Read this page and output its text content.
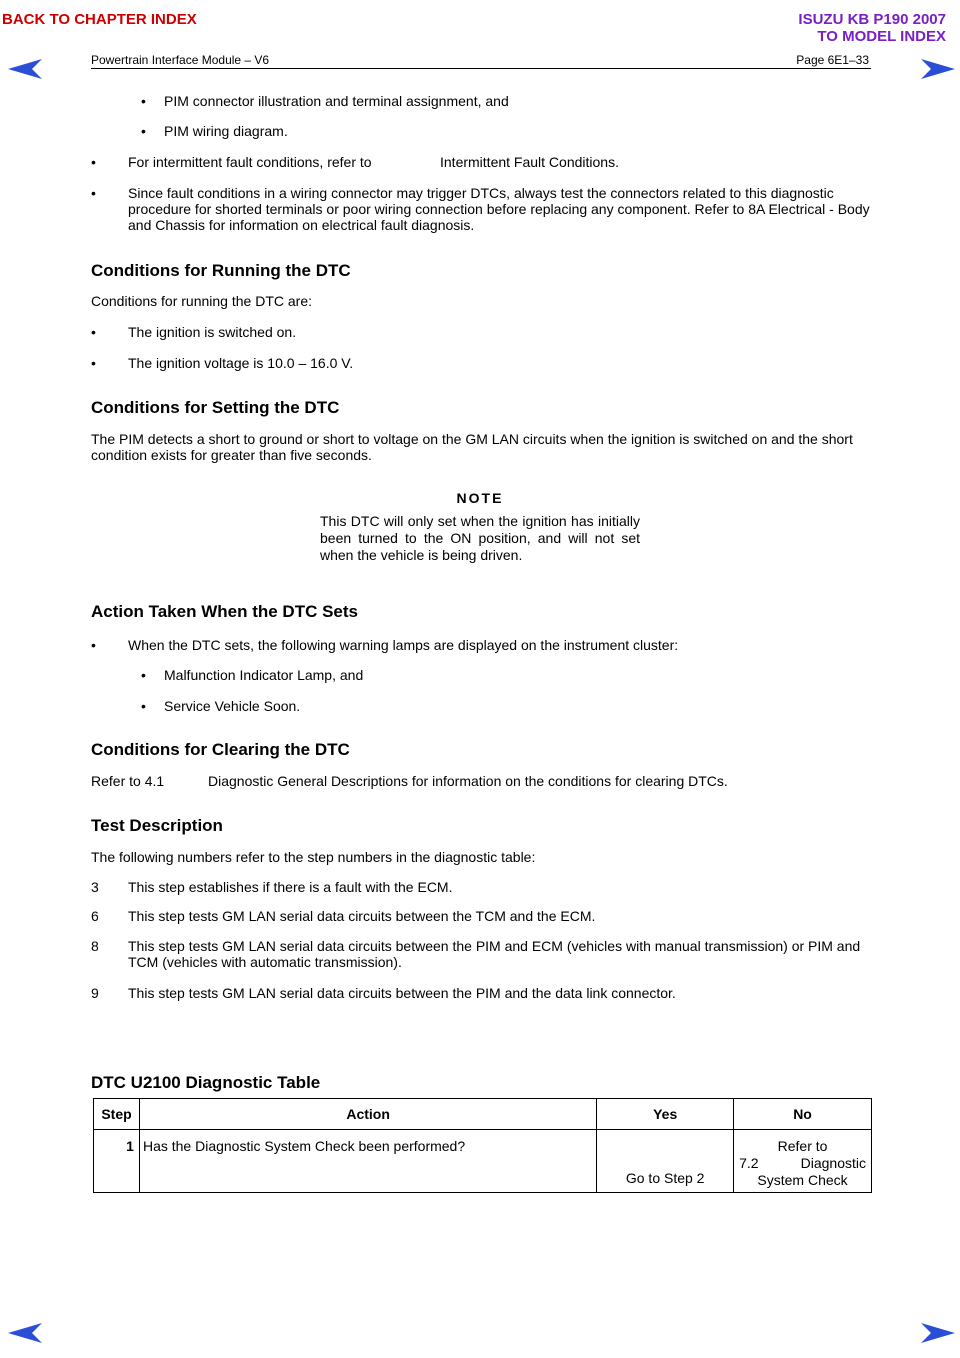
BACK TO CHAPTER INDEX	ISUZU KB P190 2007
TO MODEL INDEX
Powertrain Interface Module – V6	Page 6E1–33
• PIM connector illustration and terminal assignment, and
• PIM wiring diagram.
• For intermittent fault conditions, refer to	Intermittent Fault Conditions.
• Since fault conditions in a wiring connector may trigger DTCs, always test the connectors related to this diagnostic procedure for shorted terminals or poor wiring connection before replacing any component. Refer to 8A Electrical - Body and Chassis for information on electrical fault diagnosis.
Conditions for Running the DTC
Conditions for running the DTC are:
• The ignition is switched on.
• The ignition voltage is 10.0 – 16.0 V.
Conditions for Setting the DTC
The PIM detects a short to ground or short to voltage on the GM LAN circuits when the ignition is switched on and the short condition exists for greater than five seconds.
NOTE
This DTC will only set when the ignition has initially been turned to the ON position, and will not set when the vehicle is being driven.
Action Taken When the DTC Sets
• When the DTC sets, the following warning lamps are displayed on the instrument cluster:
• Malfunction Indicator Lamp, and
• Service Vehicle Soon.
Conditions for Clearing the DTC
Refer to 4.1	Diagnostic General Descriptions for information on the conditions for clearing DTCs.
Test Description
The following numbers refer to the step numbers in the diagnostic table:
3 This step establishes if there is a fault with the ECM.
6 This step tests GM LAN serial data circuits between the TCM and the ECM.
8 This step tests GM LAN serial data circuits between the PIM and ECM (vehicles with manual transmission) or PIM and TCM (vehicles with automatic transmission).
9 This step tests GM LAN serial data circuits between the PIM and the data link connector.
DTC U2100 Diagnostic Table
Step	Action	Yes	No
1	Has the Diagnostic System Check been performed?	Go to Step 2	Refer to
7.2 Diagnostic
System Check
